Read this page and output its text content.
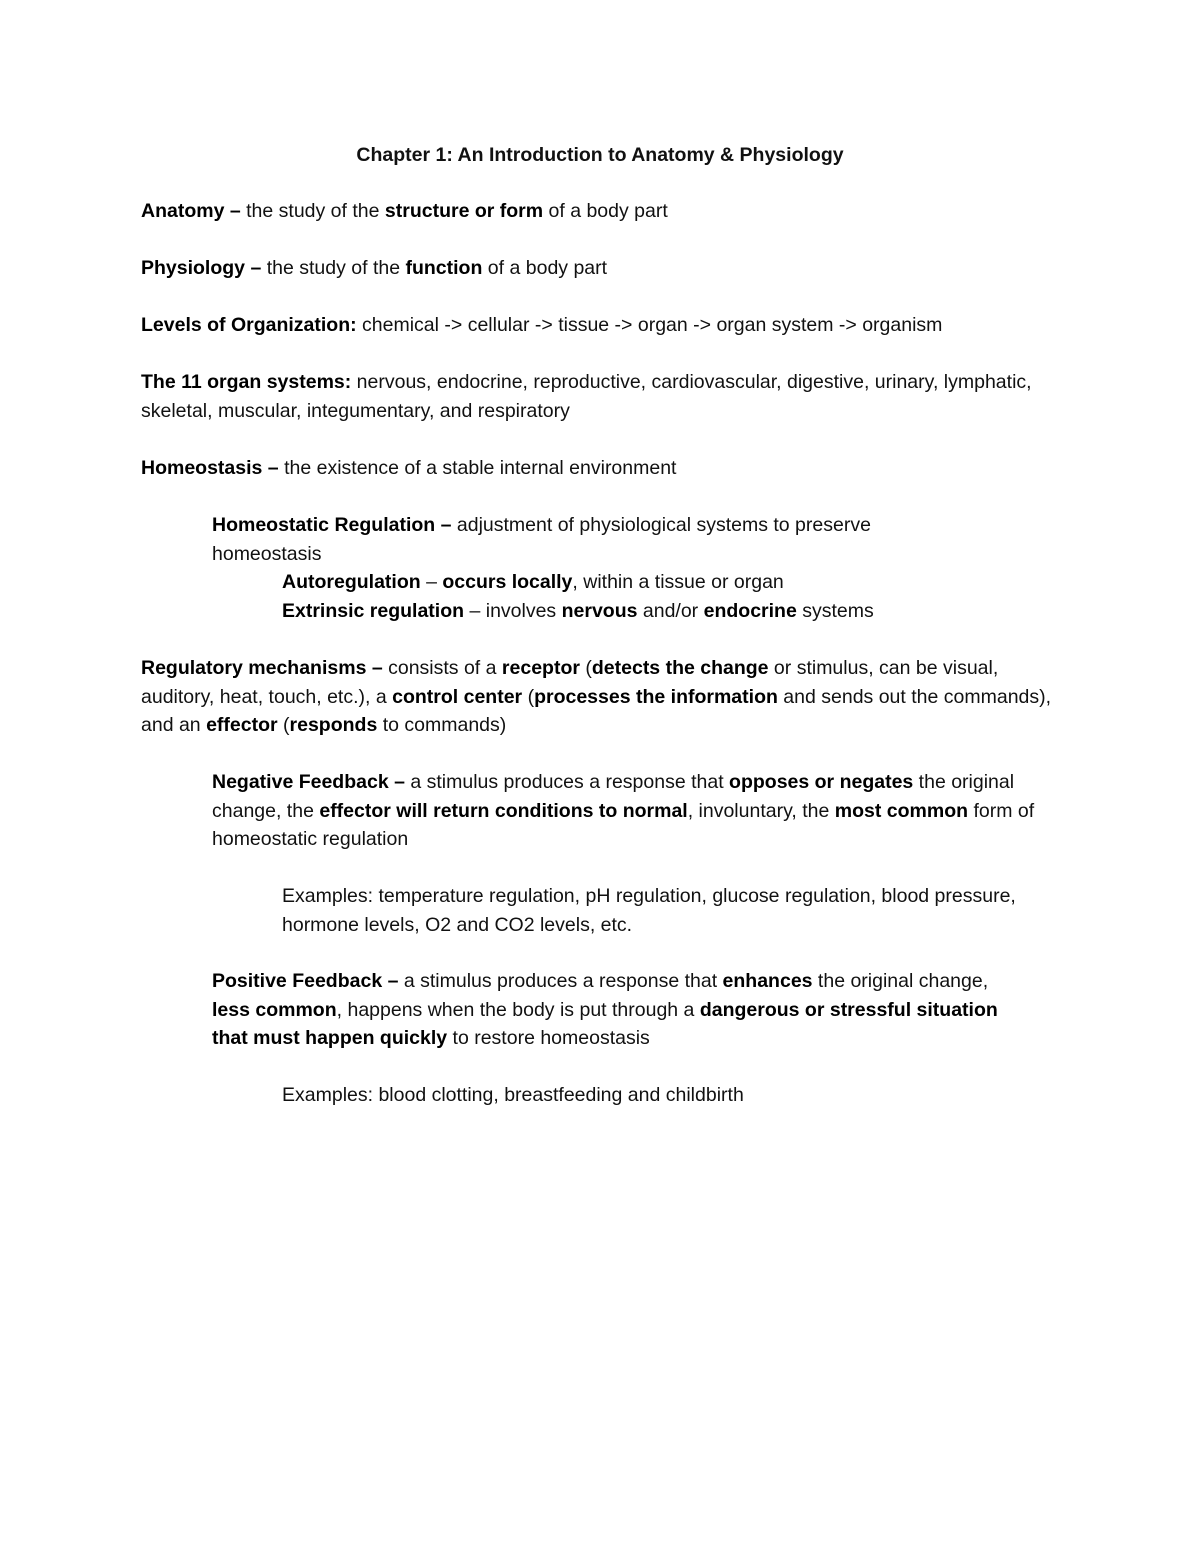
Chapter 1: An Introduction to Anatomy & Physiology

Anatomy – the study of the structure or form of a body part

Physiology – the study of the function of a body part

Levels of Organization: chemical -> cellular -> tissue -> organ -> organ system -> organism

The 11 organ systems: nervous, endocrine, reproductive, cardiovascular, digestive, urinary, lymphatic, skeletal, muscular, integumentary, and respiratory

Homeostasis – the existence of a stable internal environment

Homeostatic Regulation – adjustment of physiological systems to preserve homeostasis

Autoregulation – occurs locally, within a tissue or organ

Extrinsic regulation – involves nervous and/or endocrine systems

Regulatory mechanisms – consists of a receptor (detects the change or stimulus, can be visual, auditory, heat, touch, etc.), a control center (processes the information and sends out the commands), and an effector (responds to commands)

Negative Feedback – a stimulus produces a response that opposes or negates the original change, the effector will return conditions to normal, involuntary, the most common form of homeostatic regulation

Examples: temperature regulation, pH regulation, glucose regulation, blood pressure, hormone levels, O2 and CO2 levels, etc.

Positive Feedback – a stimulus produces a response that enhances the original change, less common, happens when the body is put through a dangerous or stressful situation that must happen quickly to restore homeostasis

Examples: blood clotting, breastfeeding and childbirth
